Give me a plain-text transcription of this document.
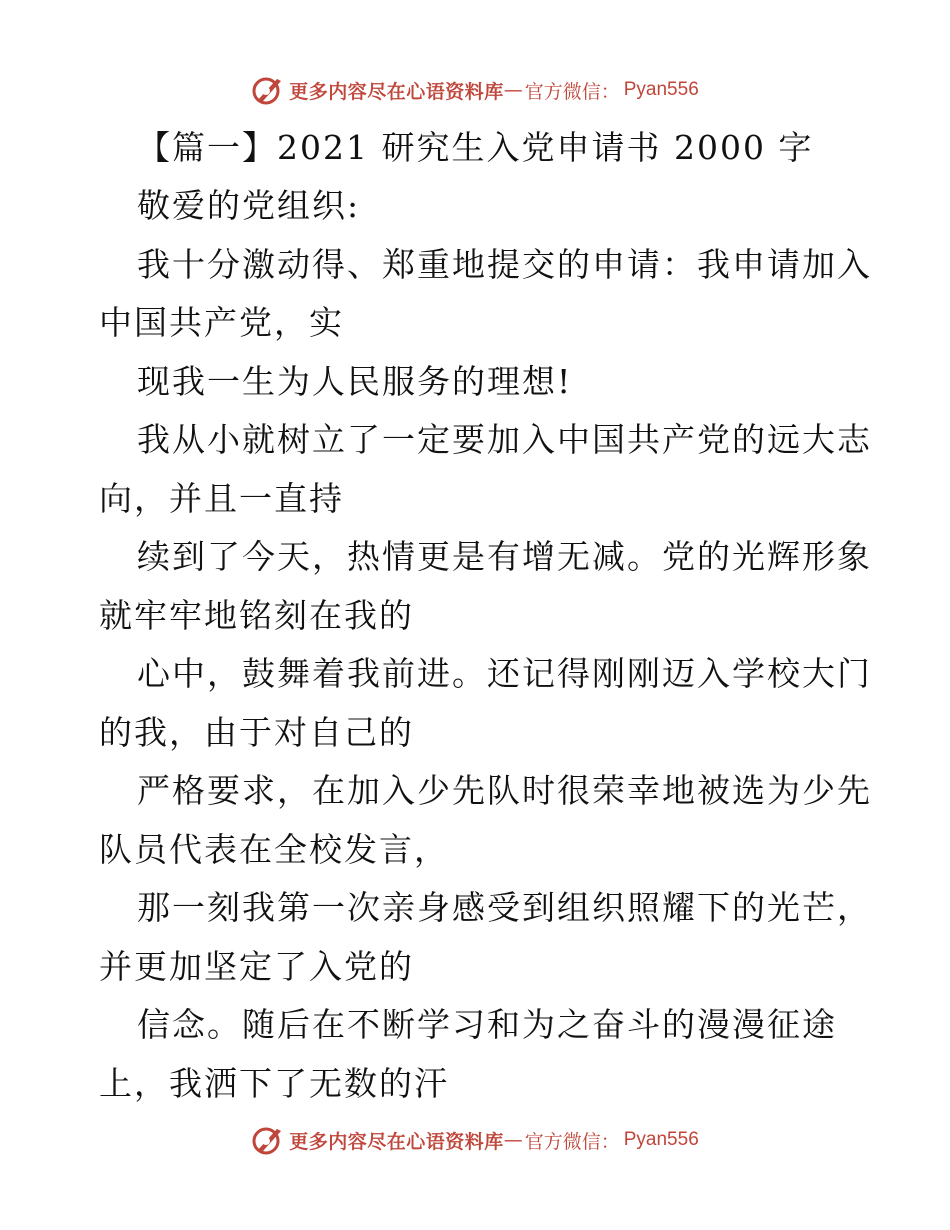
更多内容尽在心语资料库 — 官方微信： Pyan556
【篇一】2021 研究生入党申请书 2000 字
敬爱的党组织:
我十分激动得、郑重地提交的申请：我申请加入
中国共产党，实
现我一生为人民服务的理想!
我从小就树立了一定要加入中国共产党的远大志
向，并且一直持
续到了今天，热情更是有增无减。党的光辉形象
就牢牢地铭刻在我的
心中，鼓舞着我前进。还记得刚刚迈入学校大门
的我，由于对自己的
严格要求，在加入少先队时很荣幸地被选为少先
队员代表在全校发言，
那一刻我第一次亲身感受到组织照耀下的光芒，
并更加坚定了入党的
信念。随后在不断学习和为之奋斗的漫漫征途
上，我洒下了无数的汗
更多内容尽在心语资料库 — 官方微信： Pyan556
